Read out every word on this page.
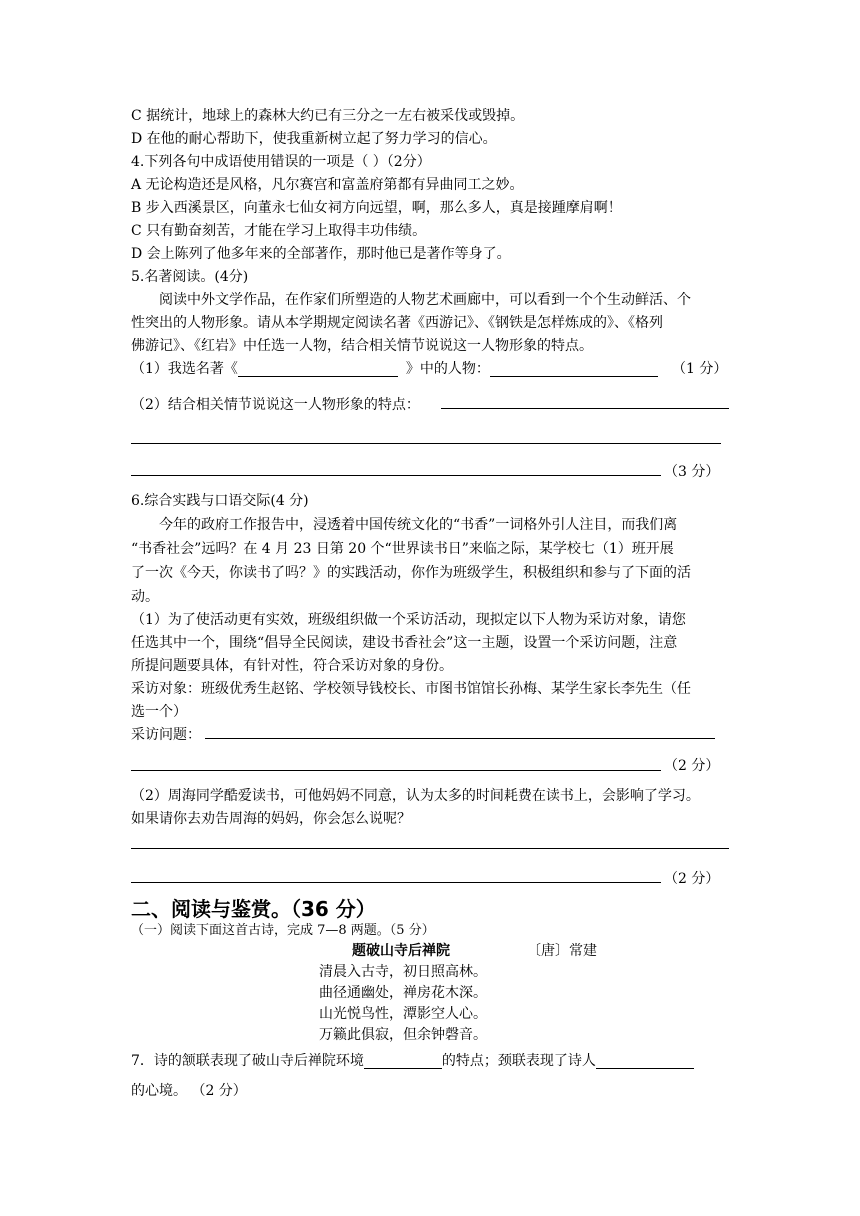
C 据统计，地球上的森林大约已有三分之一左右被采伐或毁掉。
D 在他的耐心帮助下，使我重新树立起了努力学习的信心。
4.下列各句中成语使用错误的一项是（ ）（2分）
A 无论构造还是风格，凡尔赛宫和富盖府第都有异曲同工之妙。
B 步入西溪景区，向董永七仙女祠方向远望，啊，那么多人，真是接踵摩肩啊！
C 只有勤奋刻苦，才能在学习上取得丰功伟绩。
D 会上陈列了他多年来的全部著作，那时他已是著作等身了。
5.名著阅读。(4分)
阅读中外文学作品，在作家们所塑造的人物艺术画廊中，可以看到一个个生动鲜活、个
性突出的人物形象。请从本学期规定阅读名著《西游记》、《钢铁是怎样炼成的》、《格列
佛游记》、《红岩》中任选一人物，结合相关情节说说这一人物形象的特点。
（1）我选名著《	》中的人物：	（1 分）
（2）结合相关情节说说这一人物形象的特点：
（3 分）
6.综合实践与口语交际(4 分)
今年的政府工作报告中，浸透着中国传统文化的“书香”一词格外引人注目，而我们离
“书香社会”远吗？在 4 月 23 日第 20 个“世界读书日”来临之际，某学校七（1）班开展
了一次《今天，你读书了吗？》的实践活动，你作为班级学生，积极组织和参与了下面的活
动。
（1）为了使活动更有实效，班级组织做一个采访活动，现拟定以下人物为采访对象，请您
任选其中一个，围绕“倡导全民阅读，建设书香社会”这一主题，设置一个采访问题，注意
所提问题要具体，有针对性，符合采访对象的身份。
采访对象：班级优秀生赵铭、学校领导钱校长、市图书馆馆长孙梅、某学生家长李先生（任
选一个）
采访问题：
（2 分）
（2）周海同学酷爱读书，可他妈妈不同意，认为太多的时间耗费在读书上，会影响了学习。
如果请你去劝告周海的妈妈，你会怎么说呢？
（2 分）
二、阅读与鉴赏。（36 分）
（一）阅读下面这首古诗，完成 7—8 两题。（5 分）
题破山寺后禅院	〔唐〕常建
清晨入古寺，初日照高林。
曲径通幽处，禅房花木深。
山光悦鸟性，潭影空人心。
万籁此俱寂，但余钟磬音。
7．诗的颔联表现了破山寺后禅院环境	的特点；颈联表现了诗人
的心境。 （2 分）
